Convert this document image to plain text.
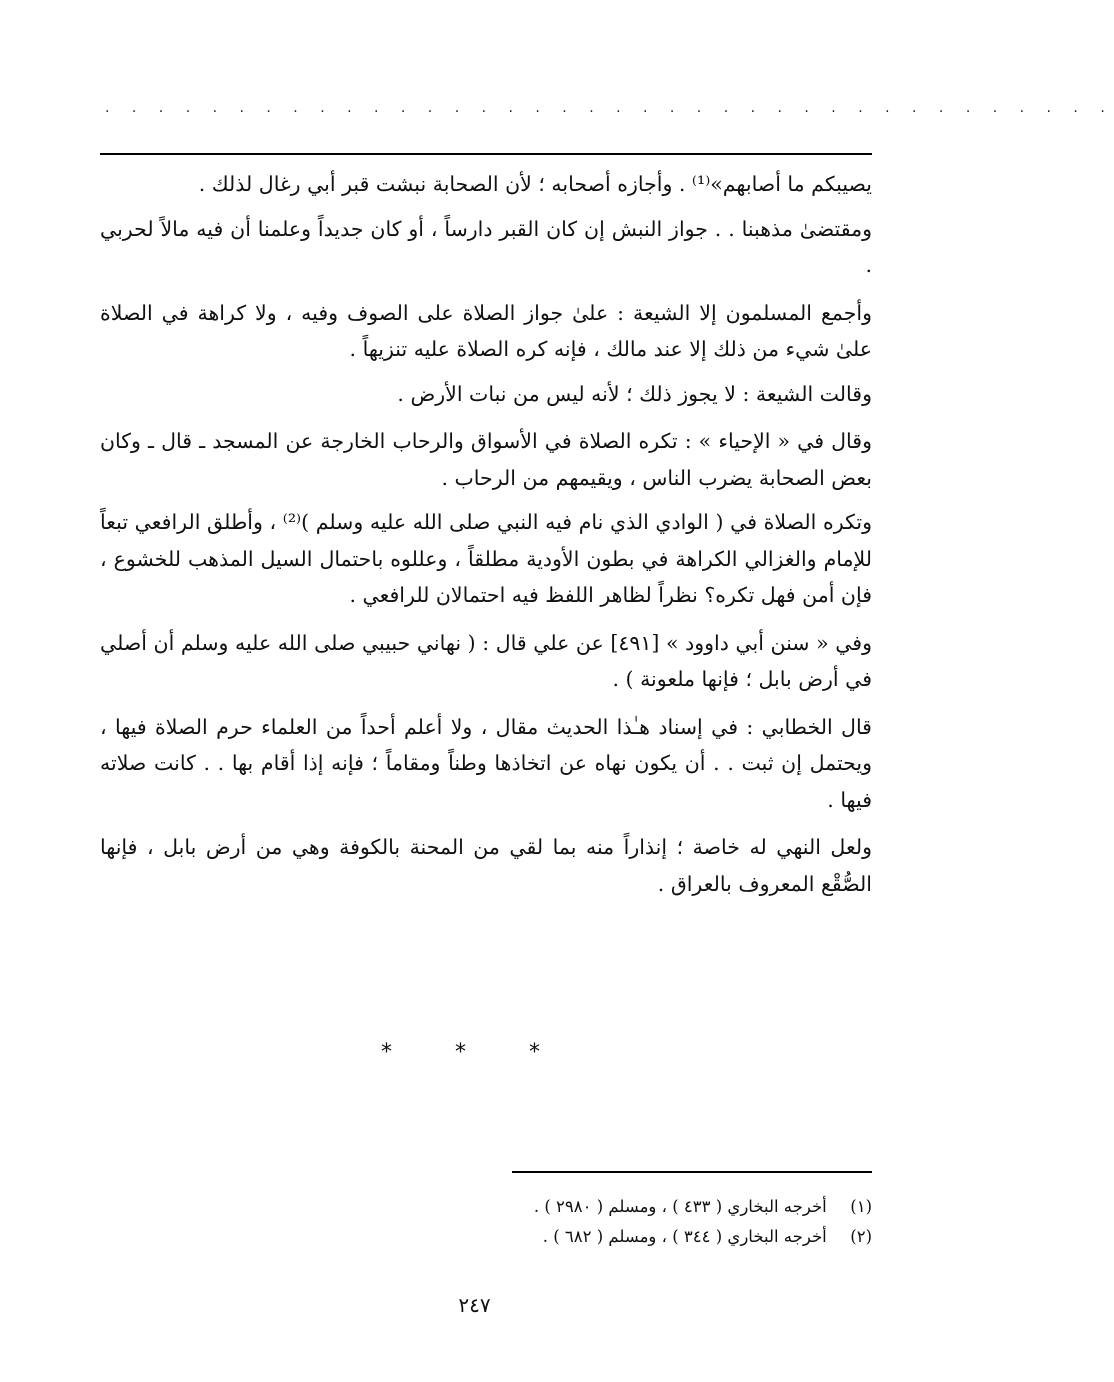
. . . . . . . . . . . . . . . . . . . . . . . . . . . . . . . . . . . . . .

يصيبكم ما أصابهم»⁽¹⁾ . وأجازه أصحابه ؛ لأن الصحابة نبشت قبر أبي رغال لذلك .

ومقتضىٰ مذهبنا . . جواز النبش إن كان القبر دارساً ، أو كان جديداً وعلمنا أن فيه مالاً لحربي .

وأجمع المسلمون إلا الشيعة : علىٰ جواز الصلاة على الصوف وفيه ، ولا كراهة في الصلاة علىٰ شيء من ذلك إلا عند مالك ، فإنه كره الصلاة عليه تنزيهاً .

وقالت الشيعة : لا يجوز ذلك ؛ لأنه ليس من نبات الأرض .

وقال في « الإحياء » : تكره الصلاة في الأسواق والرحاب الخارجة عن المسجد ـ قال ـ وكان بعض الصحابة يضرب الناس ، ويقيمهم من الرحاب .

وتكره الصلاة في ( الوادي الذي نام فيه النبي صلى الله عليه وسلم )⁽²⁾ ، وأطلق الرافعي تبعاً للإمام والغزالي الكراهة في بطون الأودية مطلقاً ، وعللوه باحتمال السيل المذهب للخشوع ، فإن أمن فهل تكره؟ نظراً لظاهر اللفظ فيه احتمالان للرافعي .

وفي « سنن أبي داوود » [٤٩١] عن علي قال : ( نهاني حبيبي صلى الله عليه وسلم أن أصلي في أرض بابل ؛ فإنها ملعونة ) .

قال الخطابي : في إسناد هـٰذا الحديث مقال ، ولا أعلم أحداً من العلماء حرم الصلاة فيها ، ويحتمل إن ثبت . . أن يكون نهاه عن اتخاذها وطناً ومقاماً ؛ فإنه إذا أقام بها . . كانت صلاته فيها .

ولعل النهي له خاصة ؛ إنذاراً منه بما لقي من المحنة بالكوفة وهي من أرض بابل ، فإنها الصُّقْع المعروف بالعراق .

* * *
(١) أخرجه البخاري ( ٤٣٣ ) ، ومسلم ( ٢٩٨٠ ) .
(٢) أخرجه البخاري ( ٣٤٤ ) ، ومسلم ( ٦٨٢ ) .
٢٤٧
